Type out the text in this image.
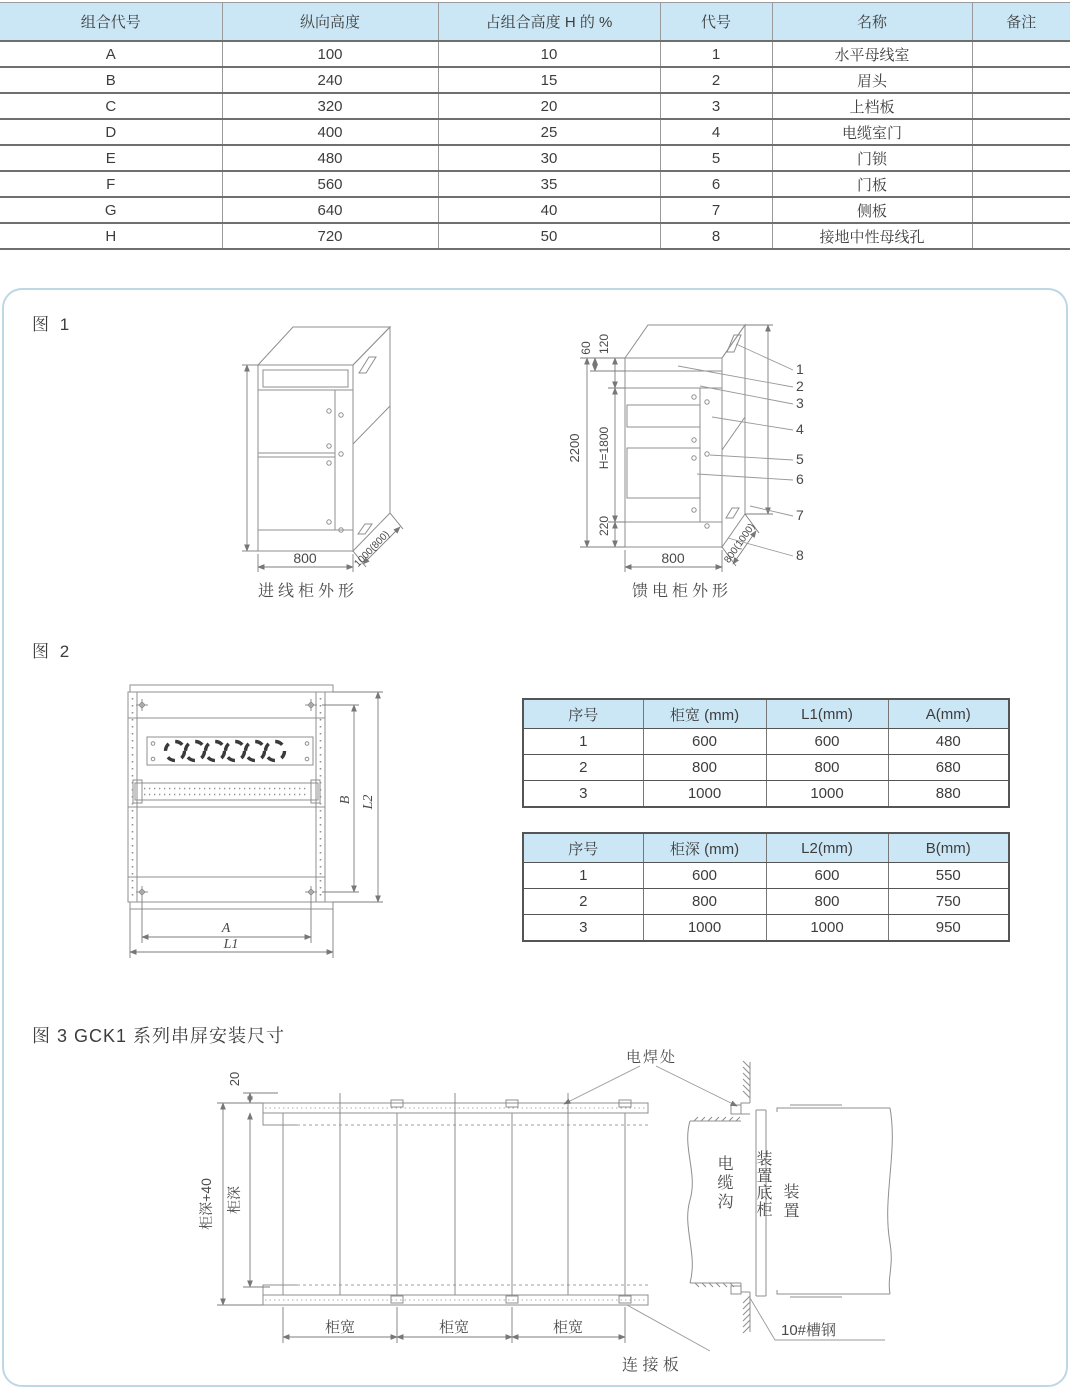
组合代号	纵向高度	占组合高度 H 的 %	代号	名称	备注
A	100	10	1	水平母线室	
B	240	15	2	眉头	
C	320	20	3	上档板	
D	400	25	4	电缆室门	
E	480	30	5	门锁	
F	560	35	6	门板	
G	640	40	7	侧板	
H	720	50	8	接地中性母线孔	
图 1
800	1000(800)
进线柜外形
60 120
2200 H=1800
220
800	800(1000)
1
2
3
4
5
6
7
8
馈电柜外形
图 2
B L2
A
L1
序号	柜宽 (mm)	L1(mm)	A(mm)
1	600	600	480
2	800	800	680
3	1000	1000	880
序号	柜深 (mm)	L2(mm)	B(mm)
1	600	600	550
2	800	800	750
3	1000	1000	950
图 3 GCK1 系列串屏安装尺寸
电焊处
20
柜深+40 柜深
柜宽	柜宽	柜宽	10#槽钢
连 接 板
电缆沟 装置底柜 装置
